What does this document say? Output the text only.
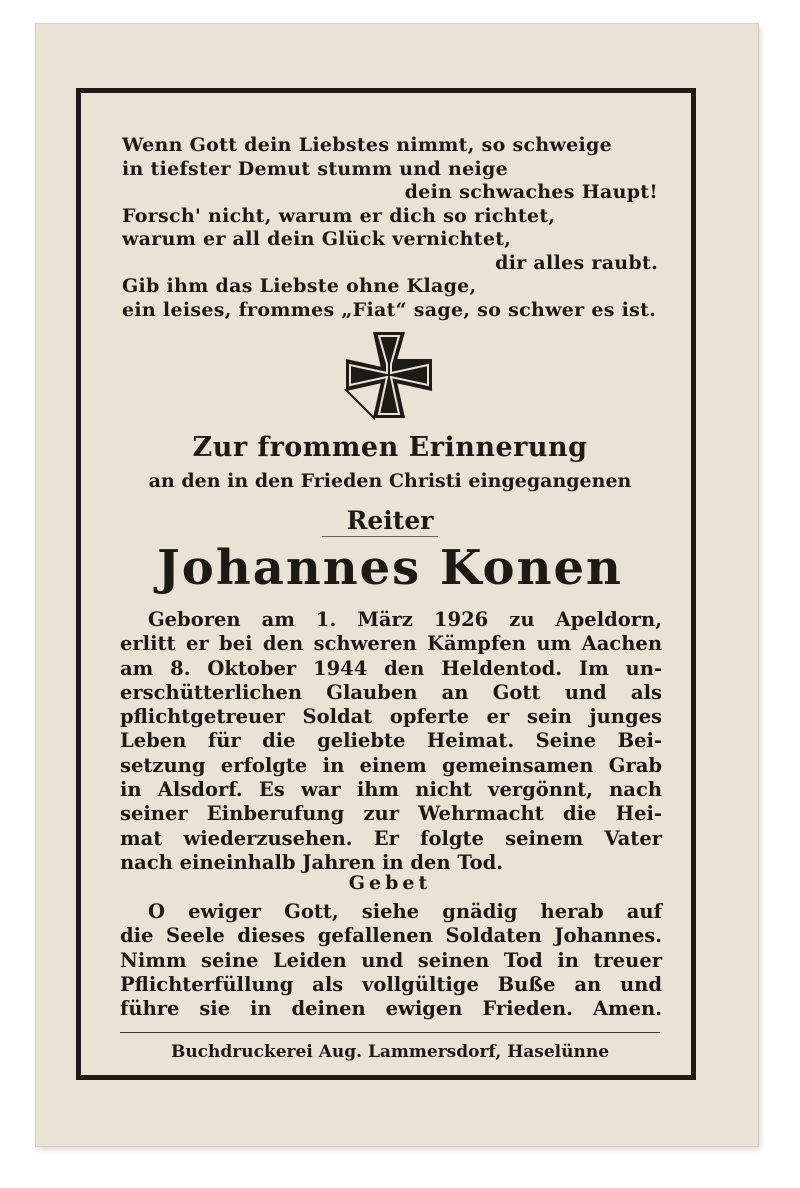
Wenn Gott dein Liebstes nimmt, so schweige
in tiefster Demut stumm und neige
dein schwaches Haupt!
Forsch' nicht, warum er dich so richtet,
warum er all dein Glück vernichtet,
dir alles raubt.
Gib ihm das Liebste ohne Klage,
ein leises, frommes „Fiat“ sage, so schwer es ist.
Zur frommen Erinnerung
an den in den Frieden Christi eingegangenen
Reiter
Johannes Konen
Geboren am 1. März 1926 zu Apeldorn,
erlitt er bei den schweren Kämpfen um Aachen
am 8. Oktober 1944 den Heldentod. Im un-
erschütterlichen Glauben an Gott und als
pflichtgetreuer Soldat opferte er sein junges
Leben für die geliebte Heimat. Seine Bei-
setzung erfolgte in einem gemeinsamen Grab
in Alsdorf. Es war ihm nicht vergönnt, nach
seiner Einberufung zur Wehrmacht die Hei-
mat wiederzusehen. Er folgte seinem Vater
nach eineinhalb Jahren in den Tod.
Gebet
O ewiger Gott, siehe gnädig herab auf
die Seele dieses gefallenen Soldaten Johannes.
Nimm seine Leiden und seinen Tod in treuer
Pflichterfüllung als vollgültige Buße an und
führe sie in deinen ewigen Frieden. Amen.
Buchdruckerei Aug. Lammersdorf, Haselünne
